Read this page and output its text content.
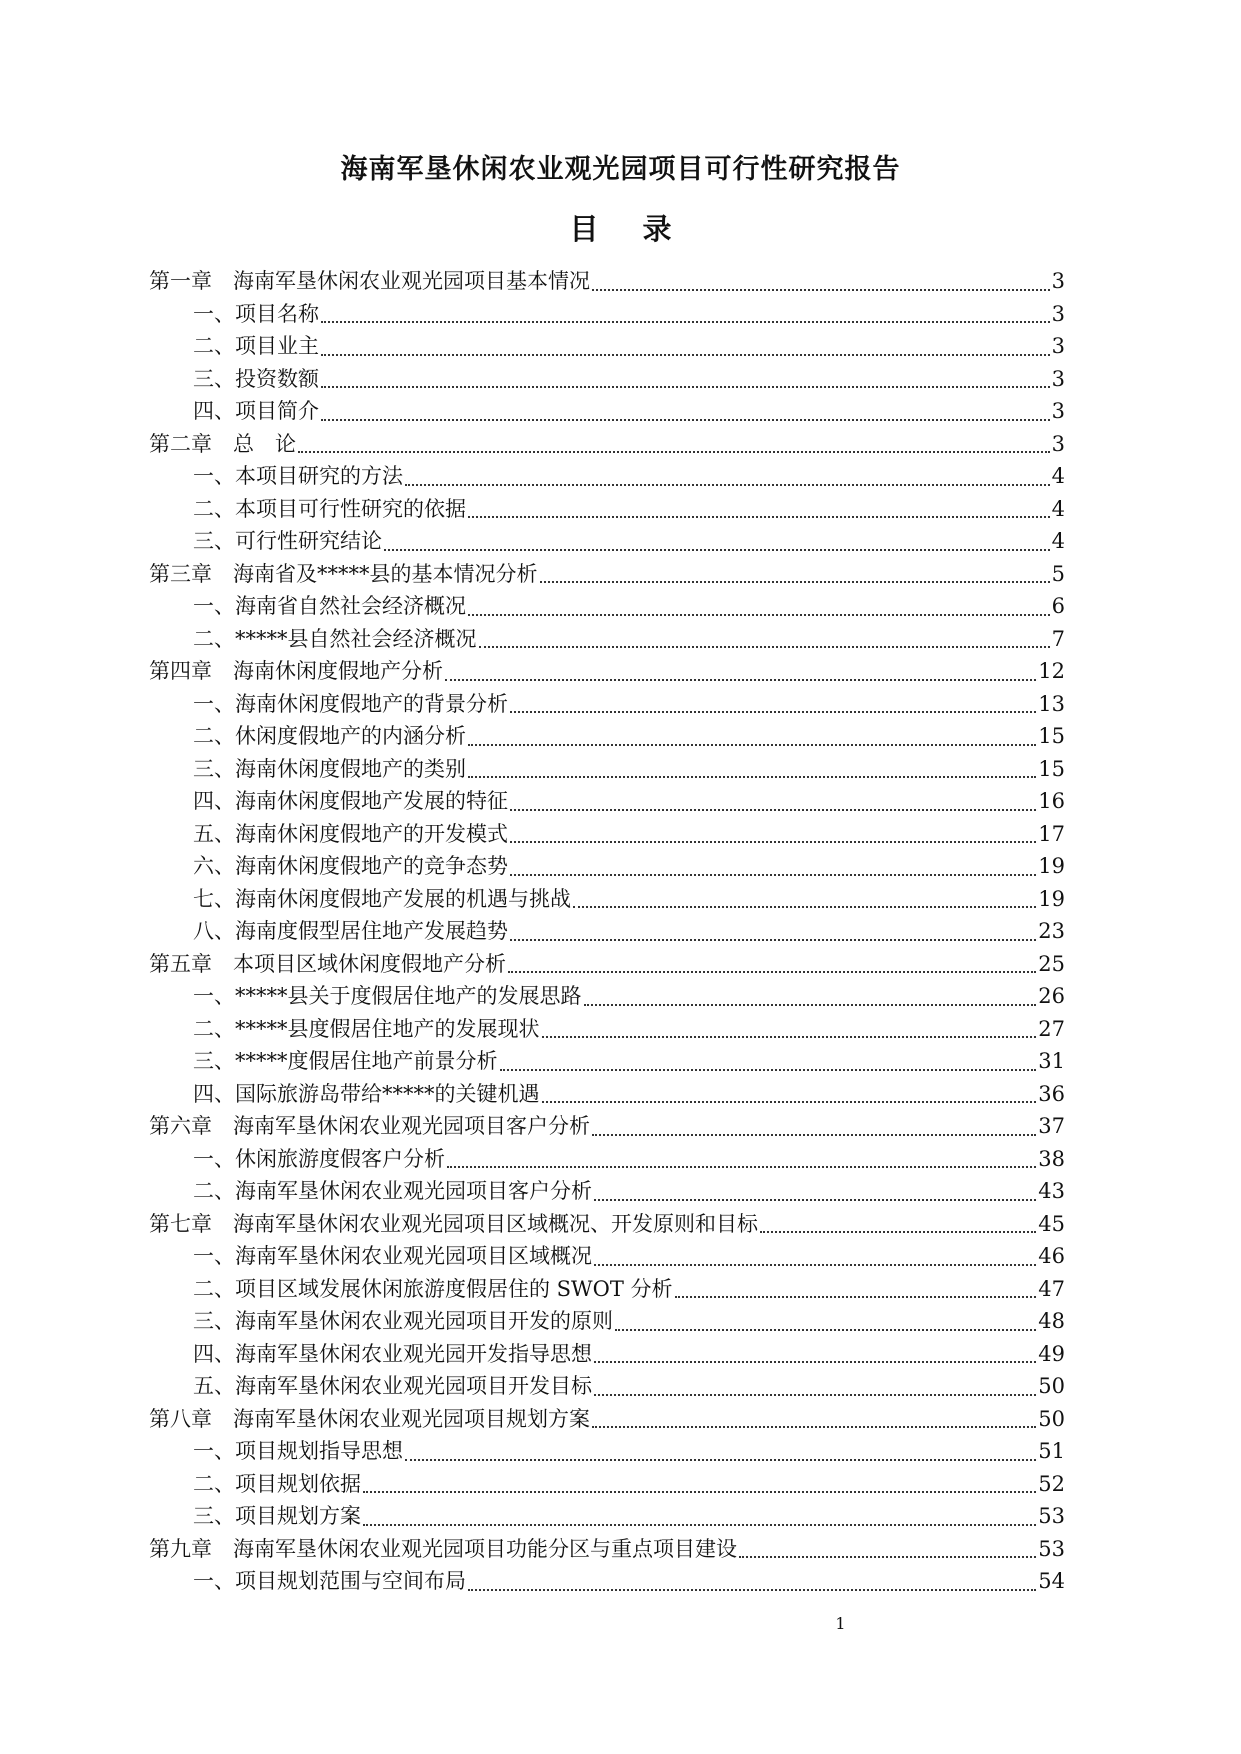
海南军垦休闲农业观光园项目可行性研究报告
目 录
第一章　海南军垦休闲农业观光园项目基本情况	3
一、项目名称	3
二、项目业主	3
三、投资数额	3
四、项目简介	3
第二章　总　论	3
一、本项目研究的方法	4
二、本项目可行性研究的依据	4
三、可行性研究结论	4
第三章　海南省及*****县的基本情况分析	5
一、海南省自然社会经济概况	6
二、*****县自然社会经济概况	7
第四章　海南休闲度假地产分析	12
一、海南休闲度假地产的背景分析	13
二、休闲度假地产的内涵分析	15
三、海南休闲度假地产的类别	15
四、海南休闲度假地产发展的特征	16
五、海南休闲度假地产的开发模式	17
六、海南休闲度假地产的竞争态势	19
七、海南休闲度假地产发展的机遇与挑战	19
八、海南度假型居住地产发展趋势	23
第五章　本项目区域休闲度假地产分析	25
一、*****县关于度假居住地产的发展思路	26
二、*****县度假居住地产的发展现状	27
三、*****度假居住地产前景分析	31
四、国际旅游岛带给*****的关键机遇	36
第六章　海南军垦休闲农业观光园项目客户分析	37
一、休闲旅游度假客户分析	38
二、海南军垦休闲农业观光园项目客户分析	43
第七章　海南军垦休闲农业观光园项目区域概况、开发原则和目标	45
一、海南军垦休闲农业观光园项目区域概况	46
二、项目区域发展休闲旅游度假居住的 SWOT 分析	47
三、海南军垦休闲农业观光园项目开发的原则	48
四、海南军垦休闲农业观光园开发指导思想	49
五、海南军垦休闲农业观光园项目开发目标	50
第八章　海南军垦休闲农业观光园项目规划方案	50
一、项目规划指导思想	51
二、项目规划依据	52
三、项目规划方案	53
第九章　海南军垦休闲农业观光园项目功能分区与重点项目建设	53
一、项目规划范围与空间布局	54
1
